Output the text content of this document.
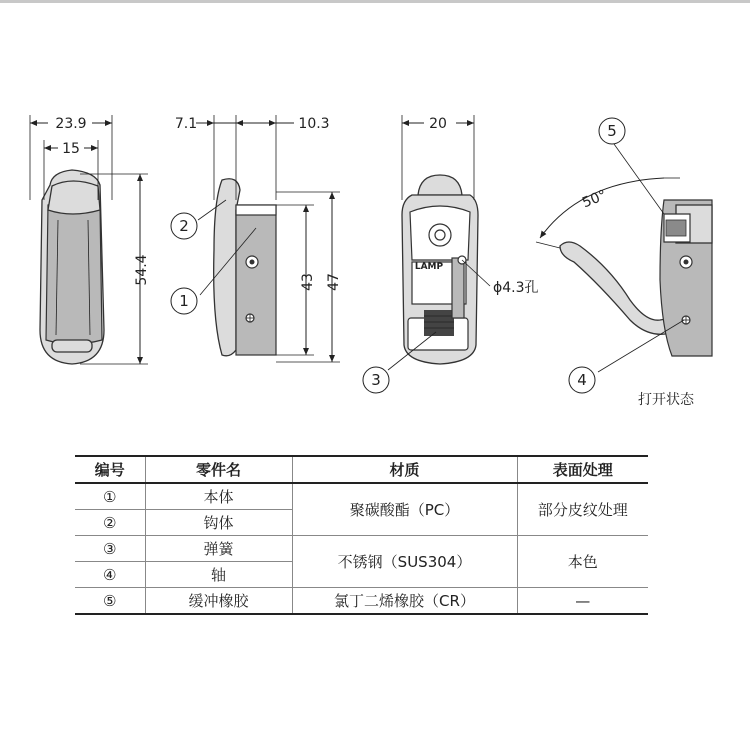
23.9
15
54.4
7.1	10.3
43 47
2
1
LAMP
20
ϕ4.3孔
3
50°
5
4
打开状态
编号	零件名	材质	表面处理
①	本体	聚碳酸酯（PC）	部分皮纹处理
②	钩体		
③	弹簧	不锈钢（SUS304）	本色
④	轴		
⑤	缓冲橡胶	氯丁二烯橡胶（CR）	—
